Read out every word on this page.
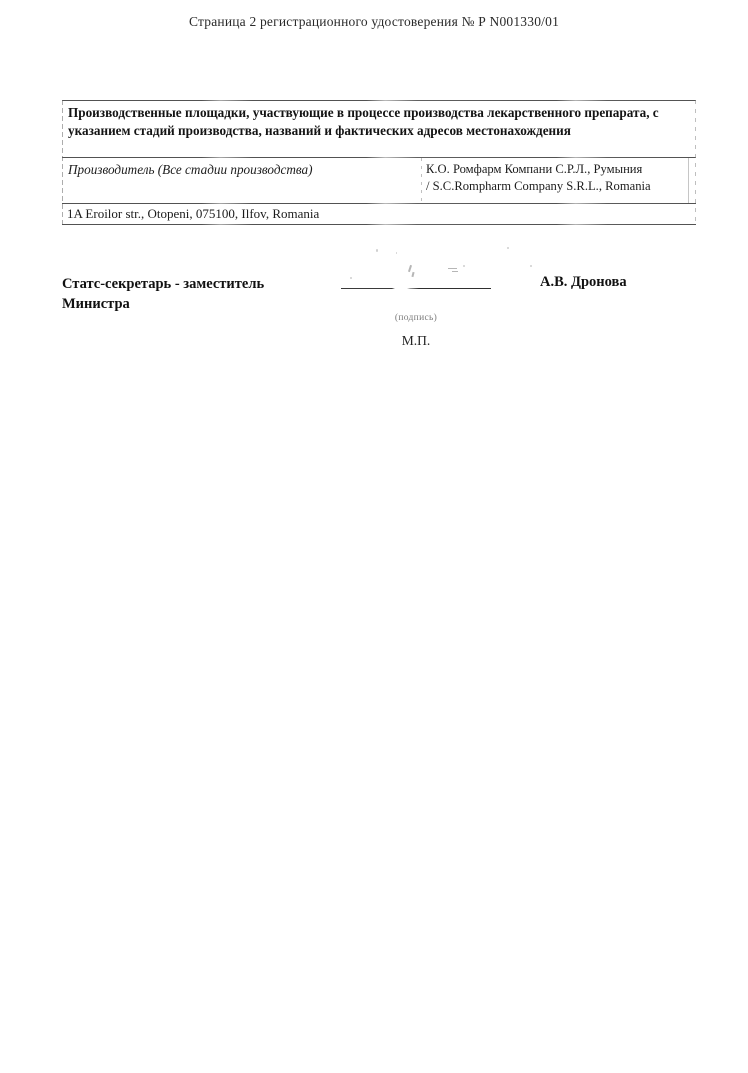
Страница 2 регистрационного удостоверения № Р N001330/01
Производственные площадки, участвующие в процессе производства лекарственного препарата, с указанием стадий производства, названий и фактических адресов местонахождения
Производитель (Все стадии производства)	К.О. Ромфарм Компани С.Р.Л., Румыния
/ S.C.Rompharm Company S.R.L., Romania
1A Eroilor str., Otopeni, 075100, Ilfov, Romania
Статс-секретарь - заместитель Министра
(подпись)
М.П.
А.В. Дронова
